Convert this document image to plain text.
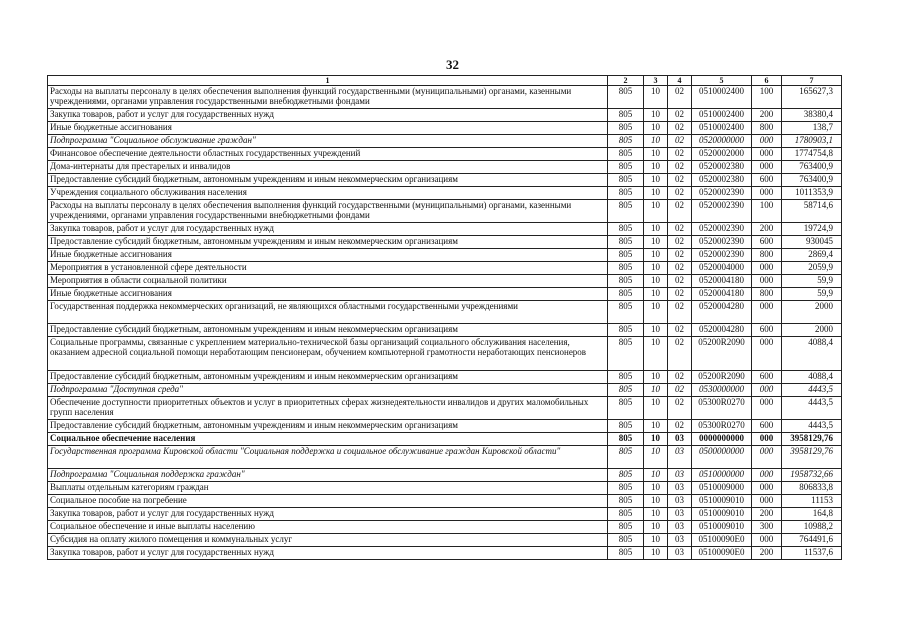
32
1	2	3	4	5	6	7
Расходы на выплаты персоналу в целях обеспечения выполнения функций государственными (муниципальными) органами, казенными учреждениями, органами управления государственными внебюджетными фондами	805	10	02	0510002400	100	165627,3
Закупка товаров, работ и услуг для государственных нужд	805	10	02	0510002400	200	38380,4
Иные бюджетные ассигнования	805	10	02	0510002400	800	138,7
Подпрограмма "Социальное обслуживание граждан"	805	10	02	0520000000	000	1780903,1
Финансовое обеспечение деятельности областных государственных учреждений	805	10	02	0520002000	000	1774754,8
Дома-интернаты для престарелых и инвалидов	805	10	02	0520002380	000	763400,9
Предоставление субсидий бюджетным, автономным учреждениям и иным некоммерческим организациям	805	10	02	0520002380	600	763400,9
Учреждения социального обслуживания населения	805	10	02	0520002390	000	1011353,9
Расходы на выплаты персоналу в целях обеспечения выполнения функций государственными (муниципальными) органами, казенными учреждениями, органами управления государственными внебюджетными фондами	805	10	02	0520002390	100	58714,6
Закупка товаров, работ и услуг для государственных нужд	805	10	02	0520002390	200	19724,9
Предоставление субсидий бюджетным, автономным учреждениям и иным некоммерческим организациям	805	10	02	0520002390	600	930045
Иные бюджетные ассигнования	805	10	02	0520002390	800	2869,4
Мероприятия в установленной сфере деятельности	805	10	02	0520004000	000	2059,9
Мероприятия в области социальной политики	805	10	02	0520004180	000	59,9
Иные бюджетные ассигнования	805	10	02	0520004180	800	59,9
Государственная поддержка некоммерческих организаций, не являющихся областными государственными учреждениями	805	10	02	0520004280	000	2000
Предоставление субсидий бюджетным, автономным учреждениям и иным некоммерческим организациям	805	10	02	0520004280	600	2000
Социальные программы, связанные с укреплением материально-технической базы организаций социального обслуживания населения, оказанием адресной социальной помощи неработающим пенсионерам, обучением компьютерной грамотности неработающих пенсионеров	805	10	02	05200R2090	000	4088,4
Предоставление субсидий бюджетным, автономным учреждениям и иным некоммерческим организациям	805	10	02	05200R2090	600	4088,4
Подпрограмма "Доступная среда"	805	10	02	0530000000	000	4443,5
Обеспечение доступности приоритетных объектов и услуг в приоритетных сферах жизнедеятельности инвалидов и других маломобильных групп населения	805	10	02	05300R0270	000	4443,5
Предоставление субсидий бюджетным, автономным учреждениям и иным некоммерческим организациям	805	10	02	05300R0270	600	4443,5
Социальное обеспечение населения	805	10	03	0000000000	000	3958129,76
Государственная программа Кировской области "Социальная поддержка и социальное обслуживание граждан Кировской области"	805	10	03	0500000000	000	3958129,76
Подпрограмма "Социальная поддержка граждан"	805	10	03	0510000000	000	1958732,66
Выплаты отдельным категориям граждан	805	10	03	0510009000	000	806833,8
Социальное пособие на погребение	805	10	03	0510009010	000	11153
Закупка товаров, работ и услуг для государственных нужд	805	10	03	0510009010	200	164,8
Социальное обеспечение и иные выплаты населению	805	10	03	0510009010	300	10988,2
Субсидия на оплату жилого помещения и коммунальных услуг	805	10	03	05100090E0	000	764491,6
Закупка товаров, работ и услуг для государственных нужд	805	10	03	05100090E0	200	11537,6
